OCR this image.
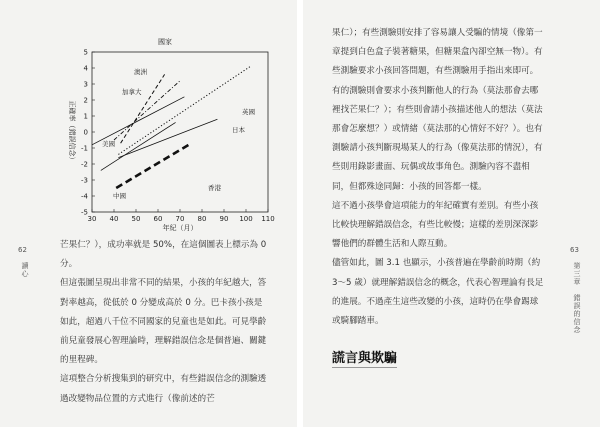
國家
5
4
3
2
1
0
-1
-2
-3
-4
-5
30 40 50 60 70 80 90 100 110
澳洲
加拿大
美國
英國
日本
中國
香港
年紀（月）
正確率（錯誤信念）

芒果仁？），成功率就是 50%，在這個圖表上標示為 0 分。

但這張圖呈現出非常不同的結果，小孩的年紀越大，答對率越高，從低於 0 分變成高於 0 分。巴卡孩小孩是如此，超過八千位不同國家的兒童也是如此。可見學齡前兒童發展心智理論時，理解錯誤信念是個普遍、關鍵的里程碑。

這項整合分析搜集到的研究中，有些錯誤信念的測驗透過改變物品位置的方式進行（像前述的芒

62
讀心
63
第三章　錯誤的信念

果仁）；有些測驗則安排了容易讓人受騙的情境（像第一章提到白色盒子裝著糖果，但糖果盒內卻空無一物）。有些測驗要求小孩回答問題，有些測驗用手指出來即可。有的測驗則會要求小孩判斷他人的行為（莫法那會去哪裡找芒果仁？）；有些則會請小孩描述他人的想法（莫法那會怎麼想？）或情緒（莫法那的心情好不好？）。也有測驗請小孩判斷現場某人的行為（像莫法那的情況），有些則用錄影畫面、玩偶或故事角色。測驗內容不盡相同，但都殊途同歸：小孩的回答都一樣。

這不過小孩學會這項能力的年紀確實有差別。有些小孩比較快理解錯誤信念，有些比較慢；這樣的差別深深影響他們的群體生活和人際互動。

儘管如此，圖 3.1 也顯示，小孩普遍在學齡前時期（約 3～5 歲）就理解錯誤信念的概念，代表心智理論有長足的進展。不過產生這些改變的小孩，這時仍在學會踢球或騎腳踏車。

謊言與欺騙
